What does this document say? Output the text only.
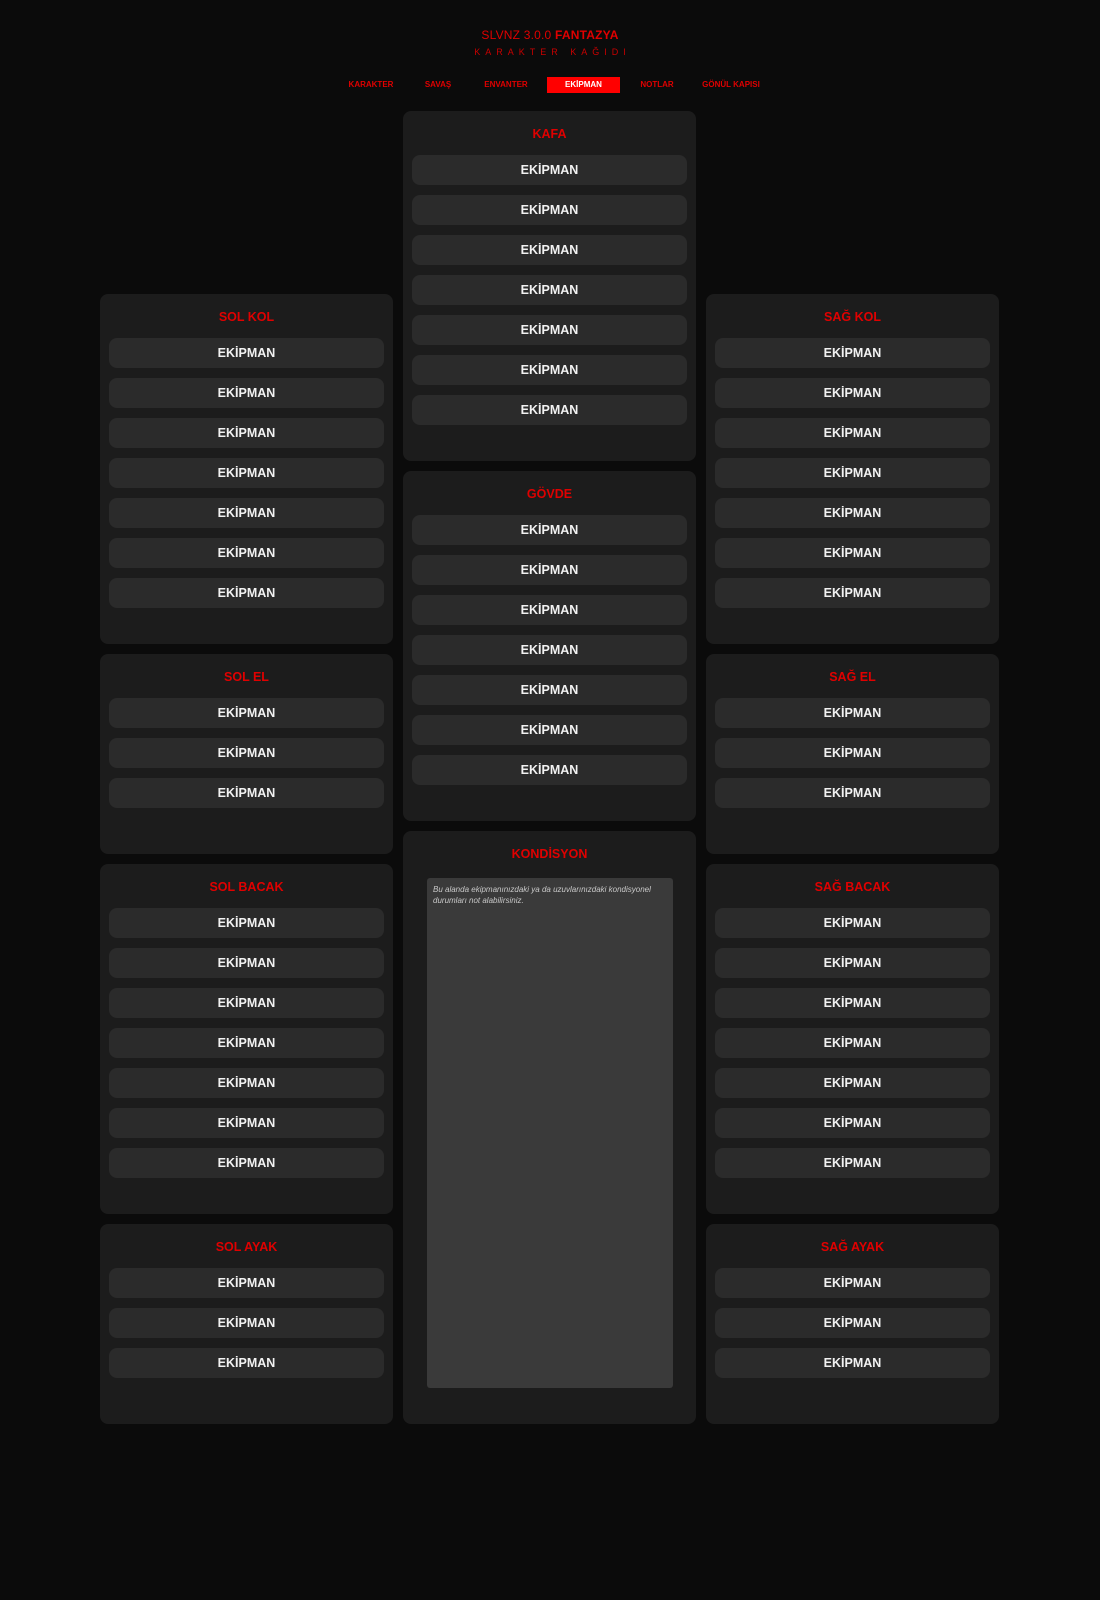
SLVNZ 3.0.0 FANTAZYA
KARAKTER KAĞIDI
KARAKTER	SAVAŞ	ENVANTER	EKİPMAN	NOTLAR	GÖNÜL KAPISI
KAFA
EKİPMAN
EKİPMAN
EKİPMAN
EKİPMAN
EKİPMAN
EKİPMAN
EKİPMAN
GÖVDE
EKİPMAN
EKİPMAN
EKİPMAN
EKİPMAN
EKİPMAN
EKİPMAN
EKİPMAN
KONDİSYON
Bu alanda ekipmanınızdaki ya da uzuvlarınızdaki kondisyonel durumları not alabilirsiniz.
SOL KOL
EKİPMAN
EKİPMAN
EKİPMAN
EKİPMAN
EKİPMAN
EKİPMAN
EKİPMAN
SOL EL
EKİPMAN
EKİPMAN
EKİPMAN
SOL BACAK
EKİPMAN
EKİPMAN
EKİPMAN
EKİPMAN
EKİPMAN
EKİPMAN
EKİPMAN
SOL AYAK
EKİPMAN
EKİPMAN
EKİPMAN
SAĞ KOL
EKİPMAN
EKİPMAN
EKİPMAN
EKİPMAN
EKİPMAN
EKİPMAN
EKİPMAN
SAĞ EL
EKİPMAN
EKİPMAN
EKİPMAN
SAĞ BACAK
EKİPMAN
EKİPMAN
EKİPMAN
EKİPMAN
EKİPMAN
EKİPMAN
EKİPMAN
SAĞ AYAK
EKİPMAN
EKİPMAN
EKİPMAN
